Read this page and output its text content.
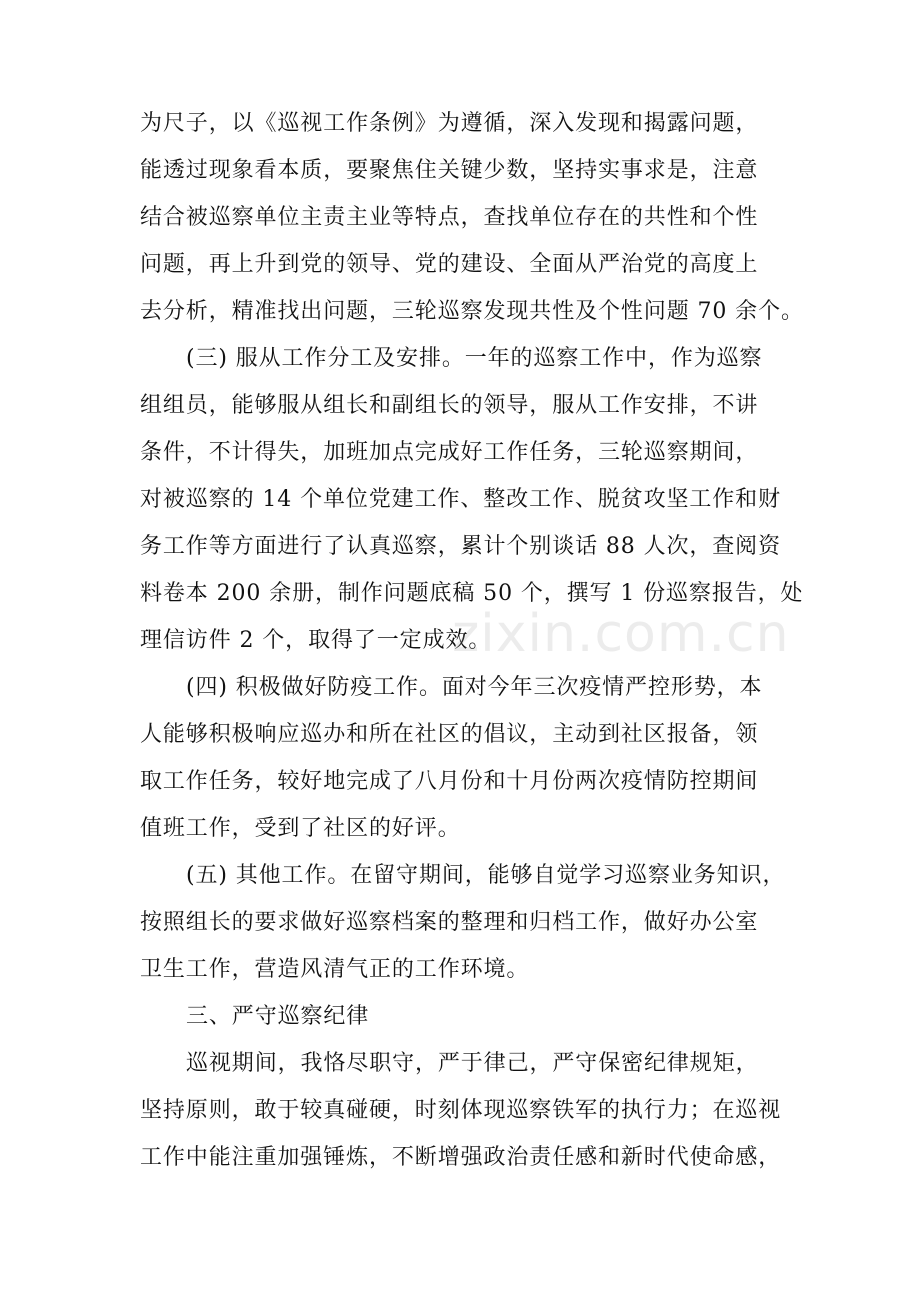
为尺子，以《巡视工作条例》为遵循，深入发现和揭露问题，
能透过现象看本质，要聚焦住关键少数，坚持实事求是，注意
结合被巡察单位主责主业等特点，查找单位存在的共性和个性
问题，再上升到党的领导、党的建设、全面从严治党的高度上
去分析，精准找出问题，三轮巡察发现共性及个性问题 70 余个。
(三) 服从工作分工及安排。一年的巡察工作中，作为巡察
组组员，能够服从组长和副组长的领导，服从工作安排，不讲
条件，不计得失，加班加点完成好工作任务，三轮巡察期间，
对被巡察的 14 个单位党建工作、整改工作、脱贫攻坚工作和财
务工作等方面进行了认真巡察，累计个别谈话 88 人次，查阅资
料卷本 200 余册，制作问题底稿 50 个，撰写 1 份巡察报告，处
理信访件 2 个，取得了一定成效。
(四) 积极做好防疫工作。面对今年三次疫情严控形势，本
人能够积极响应巡办和所在社区的倡议，主动到社区报备，领
取工作任务，较好地完成了八月份和十月份两次疫情防控期间
值班工作，受到了社区的好评。
(五) 其他工作。在留守期间，能够自觉学习巡察业务知识，
按照组长的要求做好巡察档案的整理和归档工作，做好办公室
卫生工作，营造风清气正的工作环境。
三、严守巡察纪律
巡视期间，我恪尽职守，严于律己，严守保密纪律规矩，
坚持原则，敢于较真碰硬，时刻体现巡察铁军的执行力；在巡视
工作中能注重加强锤炼，不断增强政治责任感和新时代使命感，
zixin.com.cn
